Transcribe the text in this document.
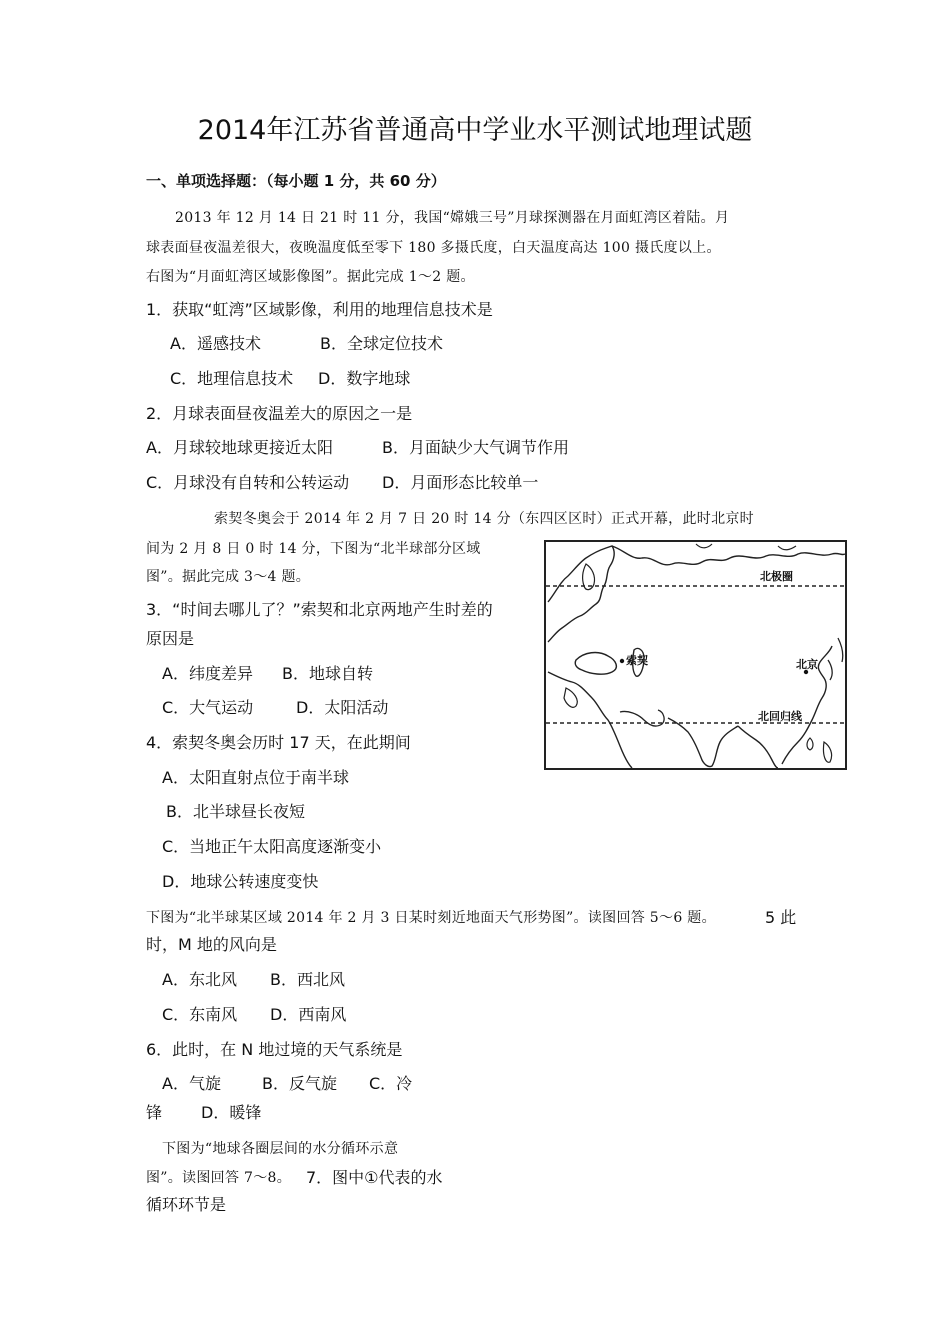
2014年江苏省普通高中学业水平测试地理试题
一、单项选择题：（每小题 1 分，共 60 分）
2013 年 12 月 14 日 21 时 11 分，我国“嫦娥三号”月球探测器在月面虹湾区着陆。月
球表面昼夜温差很大，夜晚温度低至零下 180 多摄氏度，白天温度高达 100 摄氏度以上。
右图为“月面虹湾区域影像图”。据此完成 1～2 题。
1．获取“虹湾”区域影像，利用的地理信息技术是
A．遥感技术	B．全球定位技术
C．地理信息技术 D．数字地球
2．月球表面昼夜温差大的原因之一是
A．月球较地球更接近太阳	B．月面缺少大气调节作用
C．月球没有自转和公转运动 D．月面形态比较单一
索契冬奥会于 2014 年 2 月 7 日 20 时 14 分（东四区区时）正式开幕，此时北京时
间为 2 月 8 日 0 时 14 分，下图为“北半球部分区域
图”。据此完成 3～4 题。
3．“时间去哪儿了？”索契和北京两地产生时差的
原因是
A．纬度差异 B．地球自转
C．大气运动	D．太阳活动
4．索契冬奥会历时 17 天，在此期间
A．太阳直射点位于南半球
B．北半球昼长夜短
C．当地正午太阳高度逐渐变小
D．地球公转速度变快
北极圈
索契	北京
北回归线
下图为“北半球某区域 2014 年 2 月 3 日某时刻近地面天气形势图”。读图回答 5～6 题。	5 此
时，M 地的风向是
A．东北风 B．西北风
C．东南风 D．西南风
6．此时，在 N 地过境的天气系统是
A．气旋	B．反气旋 C．冷
锋 D．暖锋
下图为“地球各圈层间的水分循环示意
图”。读图回答 7～8。 7．图中①代表的水
循环环节是
